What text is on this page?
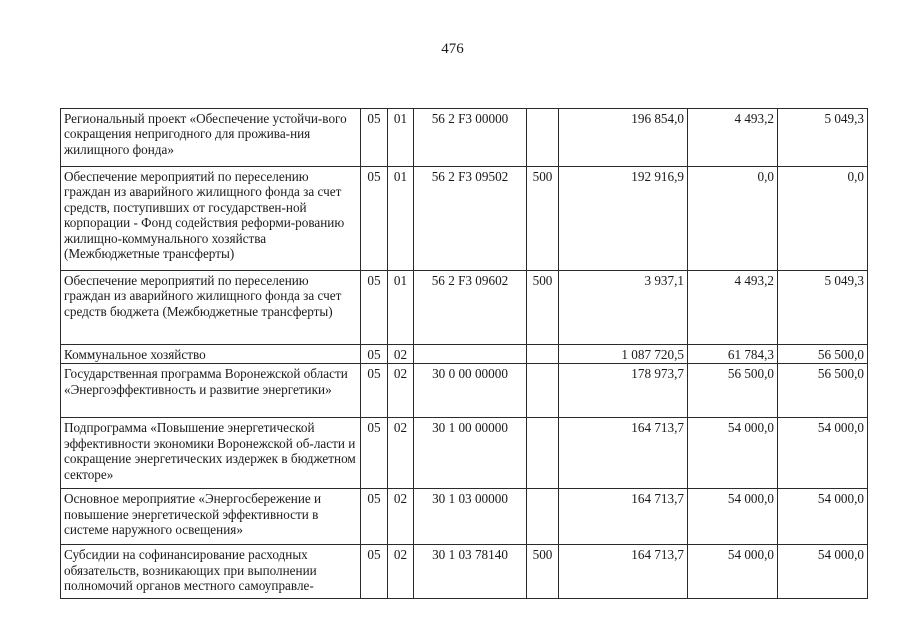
476
Региональный проект «Обеспечение устойчи-вого сокращения непригодного для прожива-ния жилищного фонда»	05	01	56 2 F3 00000		196 854,0	4 493,2	5 049,3
Обеспечение мероприятий по переселению граждан из аварийного жилищного фонда за счет средств, поступивших от государствен-ной корпорации - Фонд содействия реформи-рованию жилищно-коммунального хозяйства (Межбюджетные трансферты)	05	01	56 2 F3 09502	500	192 916,9	0,0	0,0
Обеспечение мероприятий по переселению граждан из аварийного жилищного фонда за счет средств бюджета (Межбюджетные трансферты)	05	01	56 2 F3 09602	500	3 937,1	4 493,2	5 049,3
Коммунальное хозяйство	05	02			1 087 720,5	61 784,3	56 500,0
Государственная программа Воронежской области «Энергоэффективность и развитие энергетики»	05	02	30 0 00 00000		178 973,7	56 500,0	56 500,0
Подпрограмма «Повышение энергетической эффективности экономики Воронежской об-ласти и сокращение энергетических издержек в бюджетном секторе»	05	02	30 1 00 00000		164 713,7	54 000,0	54 000,0
Основное мероприятие «Энергосбережение и повышение энергетической эффективности в системе наружного освещения»	05	02	30 1 03 00000		164 713,7	54 000,0	54 000,0
Субсидии на софинансирование расходных обязательств, возникающих при выполнении полномочий органов местного самоуправле-	05	02	30 1 03 78140	500	164 713,7	54 000,0	54 000,0
